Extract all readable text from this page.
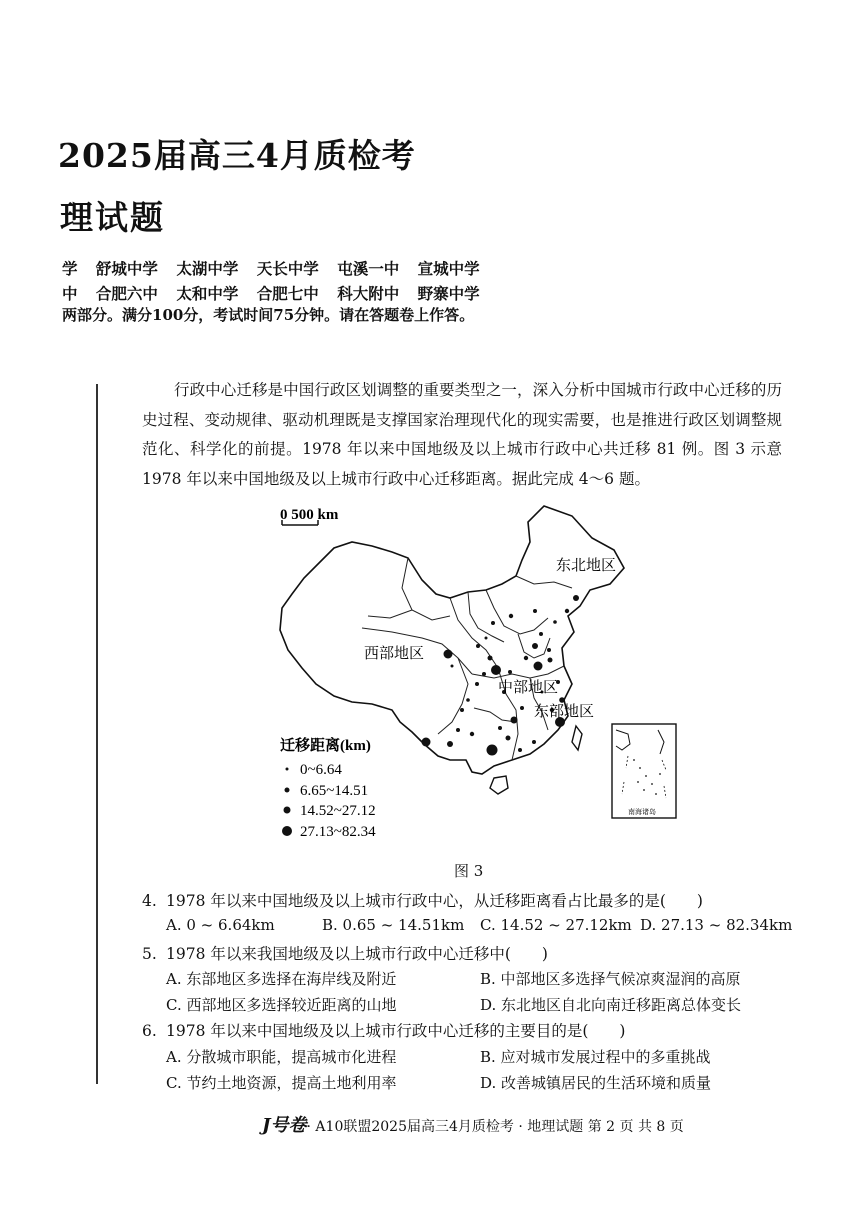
2025届高三4月质检考
理试题
学 舒城中学 太湖中学 天长中学 屯溪一中 宣城中学
中 合肥六中 太和中学 合肥七中 科大附中 野寨中学
两部分。满分100分，考试时间75分钟。请在答题卷上作答。
行政中心迁移是中国行政区划调整的重要类型之一，深入分析中国城市行政中心迁移的历史过程、变动规律、驱动机理既是支撑国家治理现代化的现实需要，也是推进行政区划调整规范化、科学化的前提。1978 年以来中国地级及以上城市行政中心共迁移 81 例。图 3 示意 1978 年以来中国地级及以上城市行政中心迁移距离。据此完成 4～6 题。
0 500 km
东北地区
西部地区
中部地区
东部地区
迁移距离(km)
0~6.64
6.65~14.51
14.52~27.12
27.13~82.34
南海诸岛
图 3
4. 1978 年以来中国地级及以上城市行政中心，从迁移距离看占比最多的是(　　)
A. 0 ~ 6.64km	B. 0.65 ~ 14.51km C. 14.52 ~ 27.12km D. 27.13 ~ 82.34km
5. 1978 年以来我国地级及以上城市行政中心迁移中(　　)
A. 东部地区多选择在海岸线及附近	B. 中部地区多选择气候凉爽湿润的高原
C. 西部地区多选择较近距离的山地	D. 东北地区自北向南迁移距离总体变长
6. 1978 年以来中国地级及以上城市行政中心迁移的主要目的是(　　)
A. 分散城市职能，提高城市化进程	B. 应对城市发展过程中的多重挑战
C. 节约土地资源，提高土地利用率	D. 改善城镇居民的生活环境和质量
J号卷· A10联盟2025届高三4月质检考 · 地理试题 第 2 页 共 8 页
